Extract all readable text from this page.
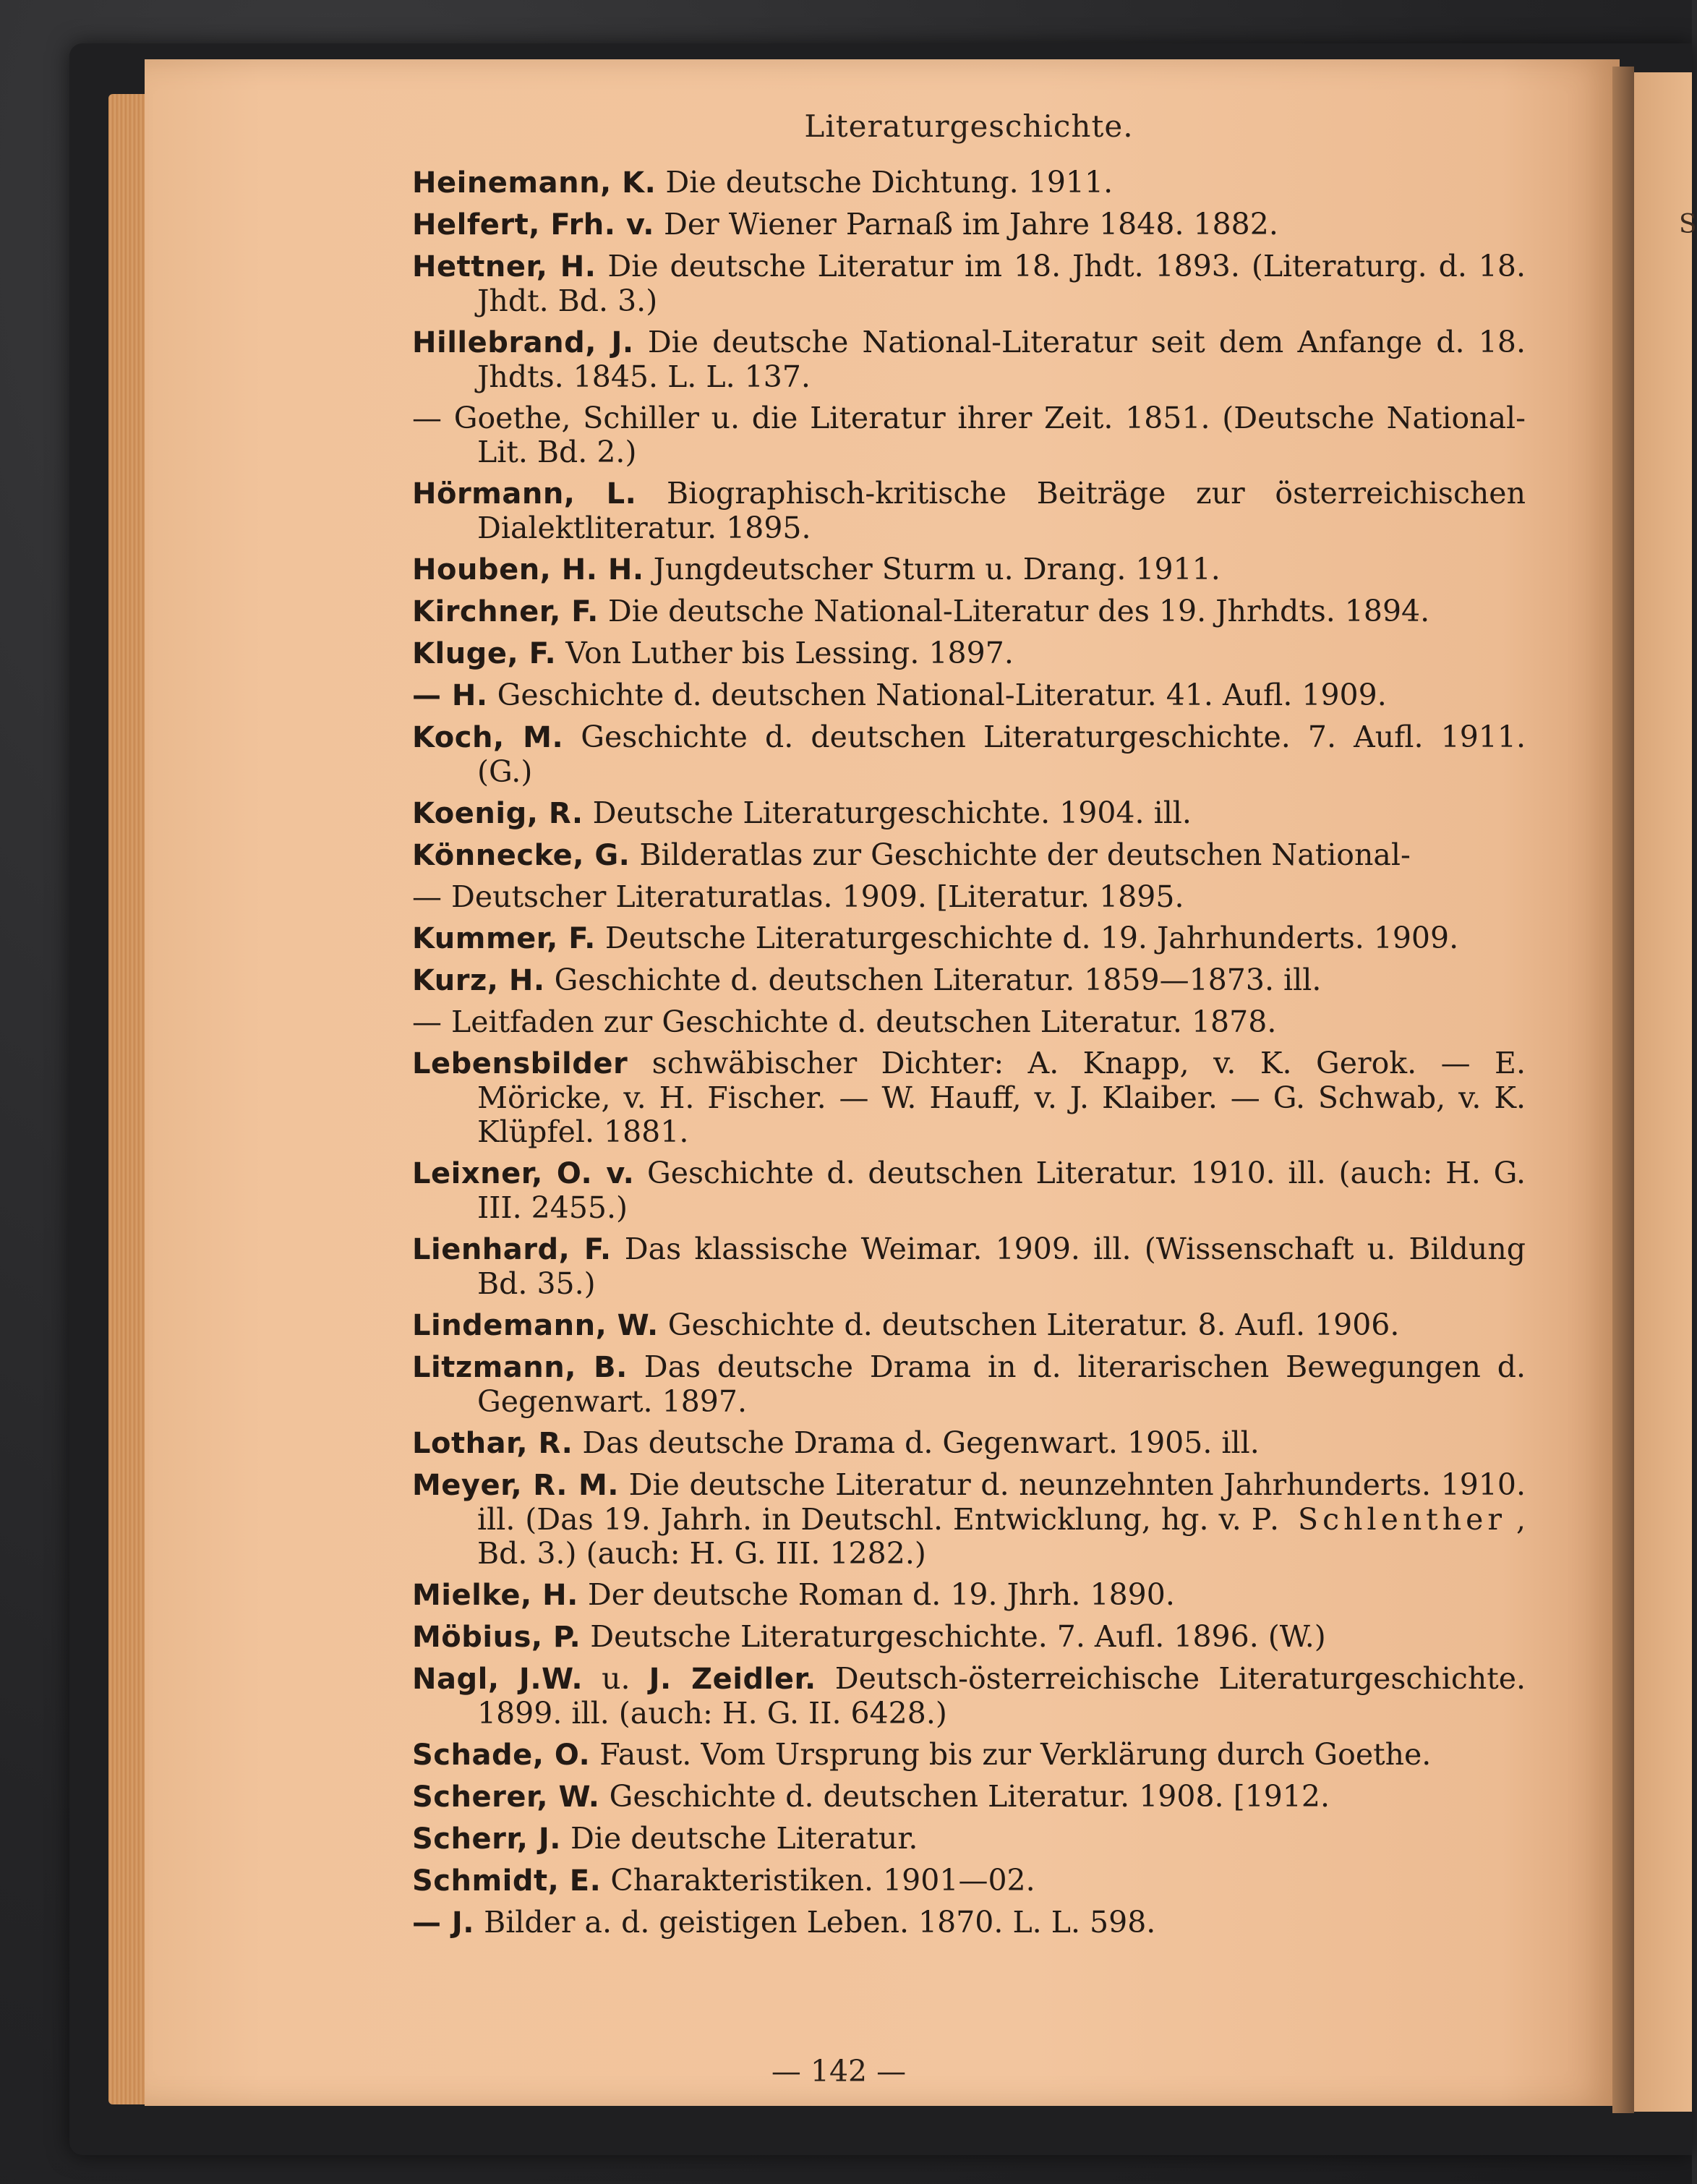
S
Literaturgeschichte.
Heinemann, K. Die deutsche Dichtung. 1911.
Helfert, Frh. v. Der Wiener Parnaß im Jahre 1848. 1882.
Hettner, H. Die deutsche Literatur im 18. Jhdt. 1893. (Literaturg. d. 18. Jhdt. Bd. 3.)
Hillebrand, J. Die deutsche National-Literatur seit dem Anfange d. 18. Jhdts. 1845. L. L. 137.
— Goethe, Schiller u. die Literatur ihrer Zeit. 1851. (Deutsche National-Lit. Bd. 2.)
Hörmann, L. Biographisch-kritische Beiträge zur österreichischen Dialektliteratur. 1895.
Houben, H. H. Jungdeutscher Sturm u. Drang. 1911.
Kirchner, F. Die deutsche National-Literatur des 19. Jhrhdts. 1894.
Kluge, F. Von Luther bis Lessing. 1897.
— H. Geschichte d. deutschen National-Literatur. 41. Aufl. 1909.
Koch, M. Geschichte d. deutschen Literaturgeschichte. 7. Aufl. 1911. (G.)
Koenig, R. Deutsche Literaturgeschichte. 1904. ill.
Könnecke, G. Bilderatlas zur Geschichte der deutschen National-
— Deutscher Literaturatlas. 1909. [Literatur. 1895.
Kummer, F. Deutsche Literaturgeschichte d. 19. Jahrhunderts. 1909.
Kurz, H. Geschichte d. deutschen Literatur. 1859—1873. ill.
— Leitfaden zur Geschichte d. deutschen Literatur. 1878.
Lebensbilder schwäbischer Dichter: A. Knapp, v. K. Gerok. — E. Möricke, v. H. Fischer. — W. Hauff, v. J. Klaiber. — G. Schwab, v. K. Klüpfel. 1881.
Leixner, O. v. Geschichte d. deutschen Literatur. 1910. ill. (auch: H. G. III. 2455.)
Lienhard, F. Das klassische Weimar. 1909. ill. (Wissenschaft u. Bildung Bd. 35.)
Lindemann, W. Geschichte d. deutschen Literatur. 8. Aufl. 1906.
Litzmann, B. Das deutsche Drama in d. literarischen Bewegungen d. Gegenwart. 1897.
Lothar, R. Das deutsche Drama d. Gegenwart. 1905. ill.
Meyer, R. M. Die deutsche Literatur d. neunzehnten Jahrhunderts. 1910. ill. (Das 19. Jahrh. in Deutschl. Entwicklung, hg. v. P. Schlenther , Bd. 3.) (auch: H. G. III. 1282.)
Mielke, H. Der deutsche Roman d. 19. Jhrh. 1890.
Möbius, P. Deutsche Literaturgeschichte. 7. Aufl. 1896. (W.)
Nagl, J.W. u. J. Zeidler. Deutsch-österreichische Literaturgeschichte. 1899. ill. (auch: H. G. II. 6428.)
Schade, O. Faust. Vom Ursprung bis zur Verklärung durch Goethe.
Scherer, W. Geschichte d. deutschen Literatur. 1908. [1912.
Scherr, J. Die deutsche Literatur.
Schmidt, E. Charakteristiken. 1901—02.
— J. Bilder a. d. geistigen Leben. 1870. L. L. 598.
— 142 —
